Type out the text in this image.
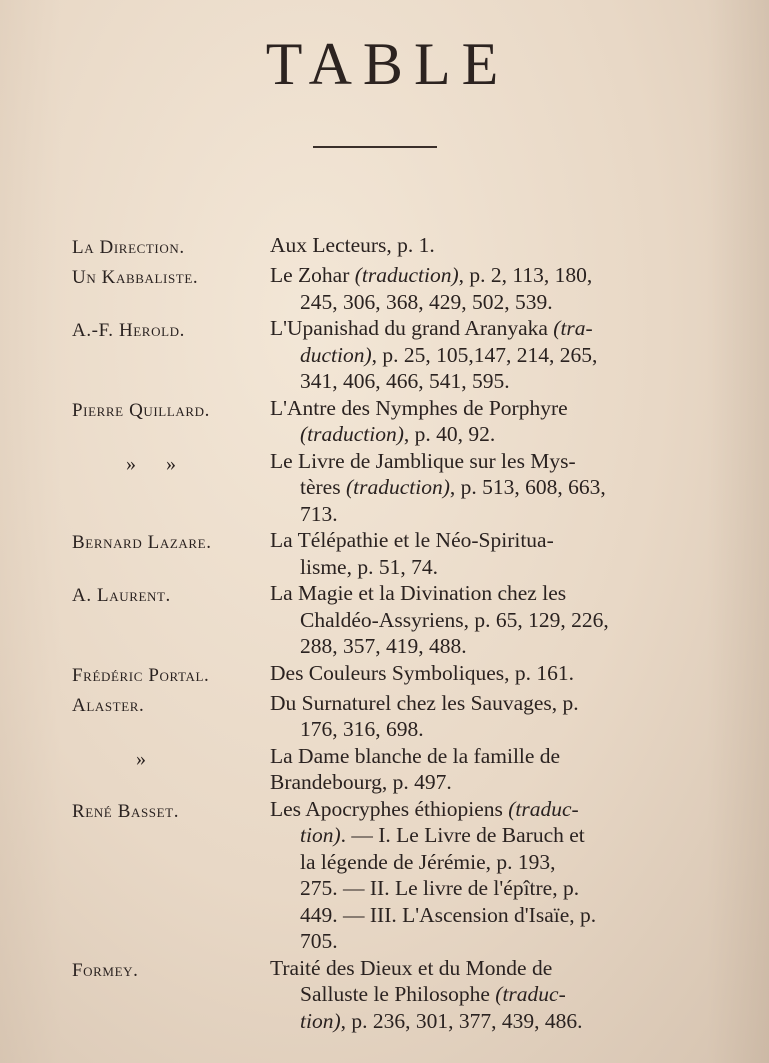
TABLE
La Direction.	Aux Lecteurs, p. 1.
Un Kabbaliste.	Le Zohar (traduction), p. 2, 113, 180,
245, 306, 368, 429, 502, 539.
A.-F. Herold.	L'Upanishad du grand Aranyaka (tra-
duction), p. 25, 105,147, 214, 265,
341, 406, 466, 541, 595.
Pierre Quillard.	L'Antre des Nymphes de Porphyre
(traduction), p. 40, 92.
»      »	Le Livre de Jamblique sur les Mys-
tères (traduction), p. 513, 608, 663,
713.
Bernard Lazare.	La Télépathie et le Néo-Spiritua-
lisme, p. 51, 74.
A. Laurent.	La Magie et la Divination chez les
Chaldéo-Assyriens, p. 65, 129, 226,
288, 357, 419, 488.
Frédéric Portal.	Des Couleurs Symboliques, p. 161.
Alaster.	Du Surnaturel chez les Sauvages, p.
176, 316, 698.
»	La Dame blanche de la famille de
Brandebourg, p. 497.
René Basset.	Les Apocryphes éthiopiens (traduc-
tion). — I. Le Livre de Baruch et
la légende de Jérémie, p. 193,
275. — II. Le livre de l'épître, p.
449. — III. L'Ascension d'Isaïe, p.
705.
Formey.	Traité des Dieux et du Monde de
Salluste le Philosophe (traduc-
tion), p. 236, 301, 377, 439, 486.
